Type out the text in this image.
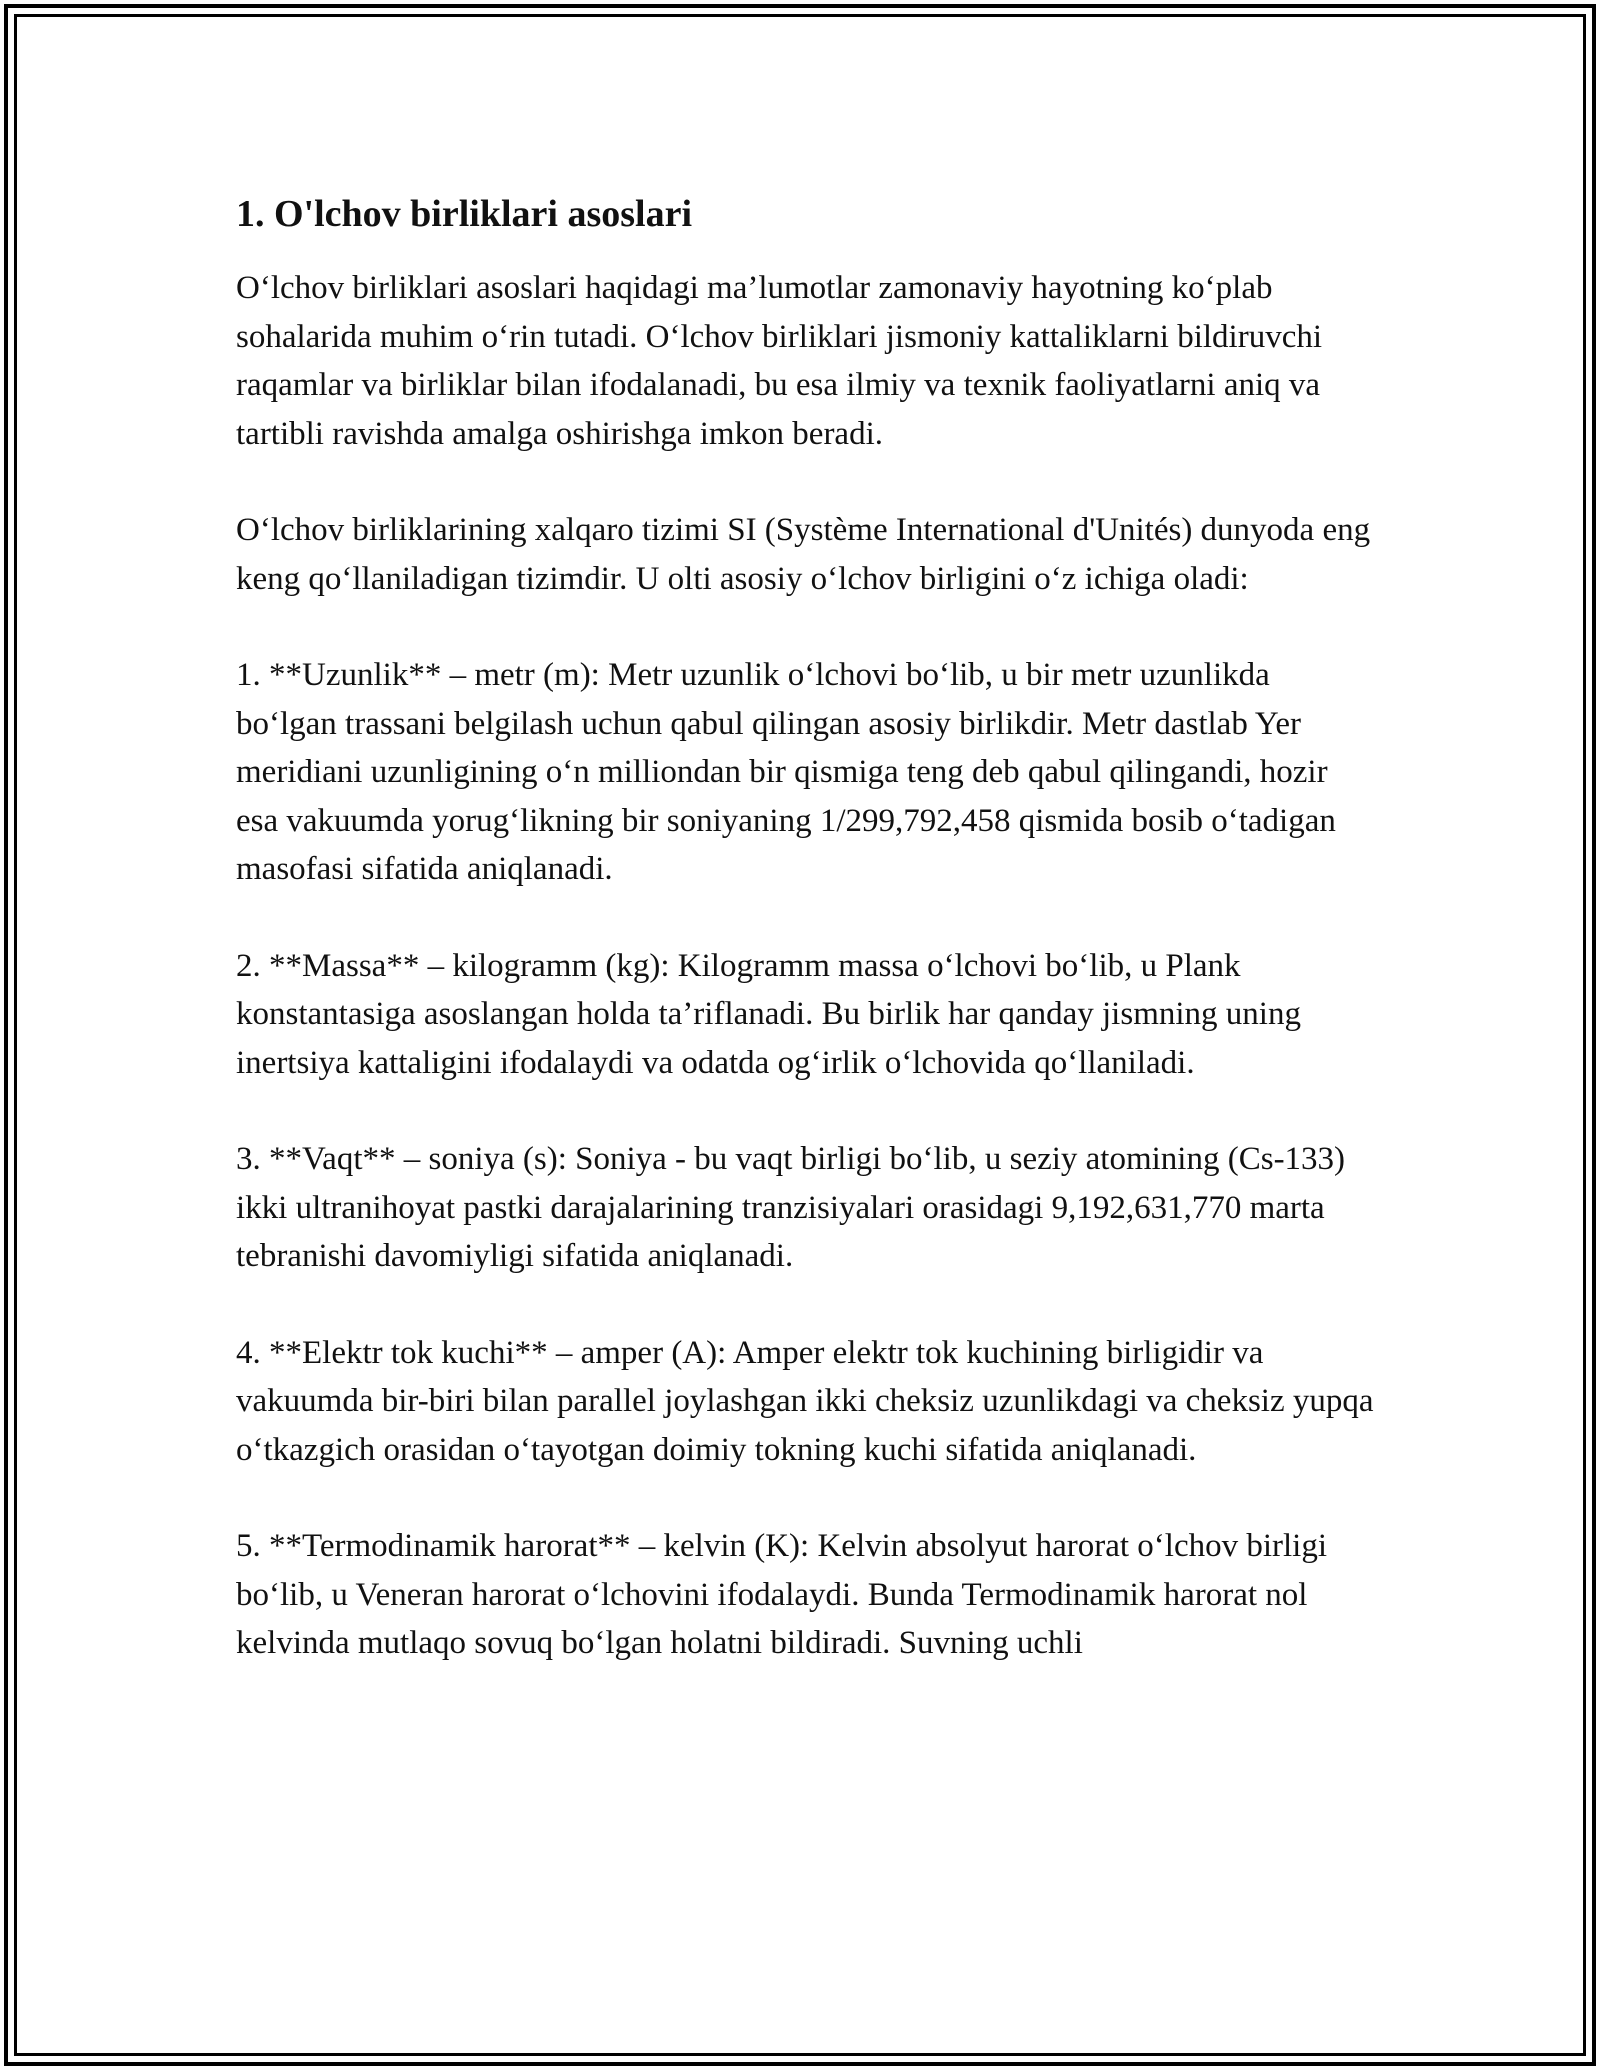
1. O'lchov birliklari asoslari

O‘lchov birliklari asoslari haqidagi ma’lumotlar zamonaviy hayotning ko‘plab sohalarida muhim o‘rin tutadi. O‘lchov birliklari jismoniy kattaliklarni bildiruvchi raqamlar va birliklar bilan ifodalanadi, bu esa ilmiy va texnik faoliyatlarni aniq va tartibli ravishda amalga oshirishga imkon beradi.

O‘lchov birliklarining xalqaro tizimi SI (Système International d'Unités) dunyoda eng keng qo‘llaniladigan tizimdir. U olti asosiy o‘lchov birligini o‘z ichiga oladi:

1. **Uzunlik** – metr (m): Metr uzunlik o‘lchovi bo‘lib, u bir metr uzunlikda bo‘lgan trassani belgilash uchun qabul qilingan asosiy birlikdir. Metr dastlab Yer meridiani uzunligining o‘n milliondan bir qismiga teng deb qabul qilingandi, hozir esa vakuumda yorug‘likning bir soniyaning 1/299,792,458 qismida bosib o‘tadigan masofasi sifatida aniqlanadi.

2. **Massa** – kilogramm (kg): Kilogramm massa o‘lchovi bo‘lib, u Plank konstantasiga asoslangan holda ta’riflanadi. Bu birlik har qanday jismning uning inertsiya kattaligini ifodalaydi va odatda og‘irlik o‘lchovida qo‘llaniladi.

3. **Vaqt** – soniya (s): Soniya - bu vaqt birligi bo‘lib, u seziy atomining (Cs-133) ikki ultranihoyat pastki darajalarining tranzisiyalari orasidagi 9,192,631,770 marta tebranishi davomiyligi sifatida aniqlanadi.

4. **Elektr tok kuchi** – amper (A): Amper elektr tok kuchining birligidir va vakuumda bir-biri bilan parallel joylashgan ikki cheksiz uzunlikdagi va cheksiz yupqa o‘tkazgich orasidan o‘tayotgan doimiy tokning kuchi sifatida aniqlanadi.

5. **Termodinamik harorat** – kelvin (K): Kelvin absolyut harorat o‘lchov birligi bo‘lib, u Veneran harorat o‘lchovini ifodalaydi. Bunda Termodinamik harorat nol kelvinda mutlaqo sovuq bo‘lgan holatni bildiradi. Suvning uchli
